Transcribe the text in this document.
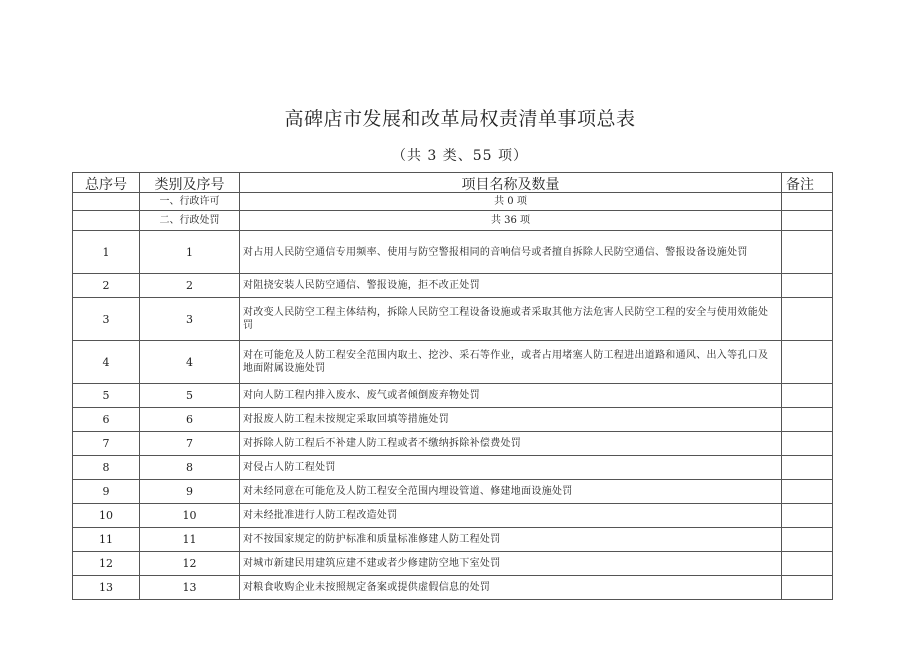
高碑店市发展和改革局权责清单事项总表
（共 3 类、55 项）
总序号	类别及序号	项目名称及数量	备注
	一、行政许可	共 0 项	
	二、行政处罚	共 36 项	
1	1	对占用人民防空通信专用频率、使用与防空警报相同的音响信号或者擅自拆除人民防空通信、警报设备设施处罚	
2	2	对阻挠安装人民防空通信、警报设施，拒不改正处罚	
3	3	对改变人民防空工程主体结构，拆除人民防空工程设备设施或者采取其他方法危害人民防空工程的安全与使用效能处罚	
4	4	对在可能危及人防工程安全范围内取土、挖沙、采石等作业，或者占用堵塞人防工程进出道路和通风、出入等孔口及地面附属设施处罚	
5	5	对向人防工程内排入废水、废气或者倾倒废弃物处罚	
6	6	对报废人防工程未按规定采取回填等措施处罚	
7	7	对拆除人防工程后不补建人防工程或者不缴纳拆除补偿费处罚	
8	8	对侵占人防工程处罚	
9	9	对未经同意在可能危及人防工程安全范围内埋设管道、修建地面设施处罚	
10	10	对未经批准进行人防工程改造处罚	
11	11	对不按国家规定的防护标准和质量标准修建人防工程处罚	
12	12	对城市新建民用建筑应建不建或者少修建防空地下室处罚	
13	13	对粮食收购企业未按照规定备案或提供虚假信息的处罚	
